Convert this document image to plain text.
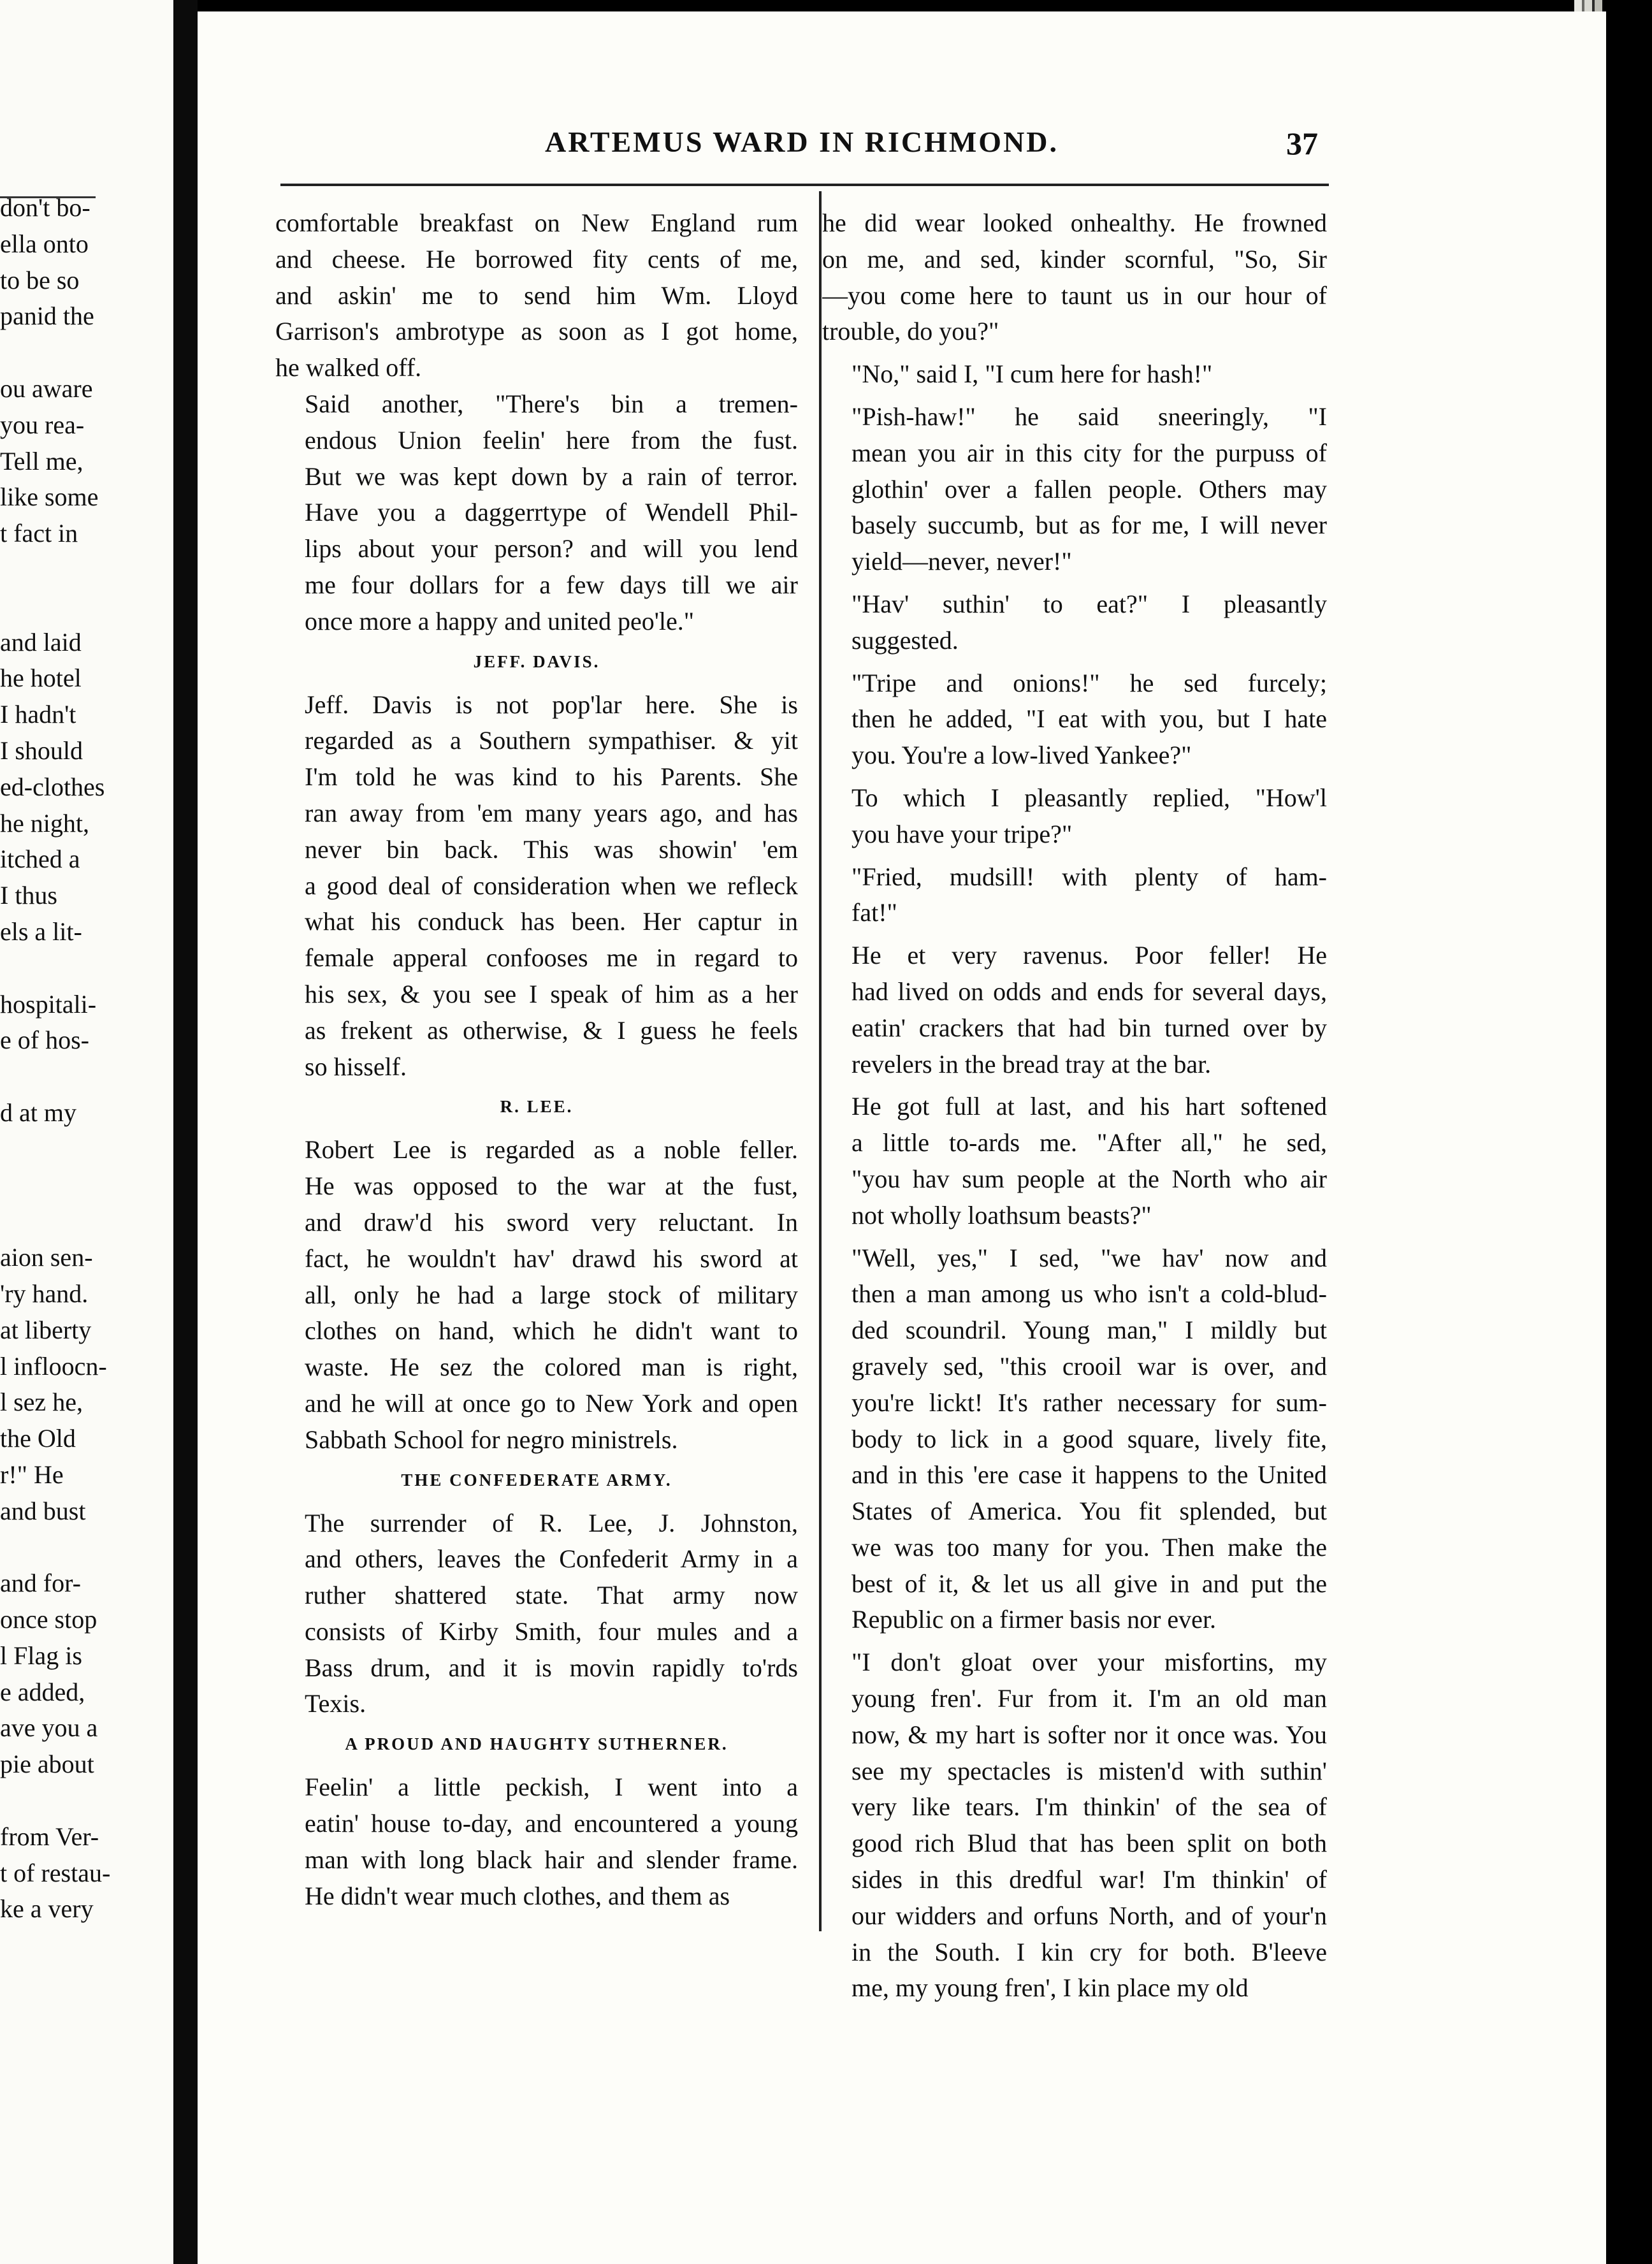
don't bo-
ella onto
to be so
panid the
ou aware
you rea-
Tell me,
like some
t fact in
and laid
he hotel
I hadn't
I should
ed-clothes
he night,
itched a
I thus
els a lit-
hospitali-
e of hos-
d at my
aion sen-
'ry hand.
at liberty
l infloocn-
l sez he,
the Old
r!" He
and bust
and for-
once stop
l Flag is
e added,
ave you a
pie about
from Ver-
t of restau-
ke a very
ARTEMUS WARD IN RICHMOND.	37

comfortable breakfast on New England rum
and cheese. He borrowed fity cents of me,
and askin' me to send him Wm. Lloyd
Garrison's ambrotype as soon as I got home,
he walked off.

Said another, "There's bin a tremen-
endous Union feelin' here from the fust.
But we was kept down by a rain of terror.
Have you a daggerrtype of Wendell Phil-
lips about your person? and will you lend
me four dollars for a few days till we air
once more a happy and united peo'le."

JEFF. DAVIS.

Jeff. Davis is not pop'lar here. She is
regarded as a Southern sympathiser. & yit
I'm told he was kind to his Parents. She
ran away from 'em many years ago, and has
never bin back. This was showin' 'em
a good deal of consideration when we refleck
what his conduck has been. Her captur in
female apperal confooses me in regard to
his sex, & you see I speak of him as a her
as frekent as otherwise, & I guess he feels
so hisself.

R. LEE.

Robert Lee is regarded as a noble feller.
He was opposed to the war at the fust,
and draw'd his sword very reluctant. In
fact, he wouldn't hav' drawd his sword at
all, only he had a large stock of military
clothes on hand, which he didn't want to
waste. He sez the colored man is right,
and he will at once go to New York and open
Sabbath School for negro ministrels.

THE CONFEDERATE ARMY.

The surrender of R. Lee, J. Johnston,
and others, leaves the Confederit Army in a
ruther shattered state. That army now
consists of Kirby Smith, four mules and a
Bass drum, and it is movin rapidly to'rds
Texis.

A PROUD AND HAUGHTY SUTHERNER.

Feelin' a little peckish, I went into a
eatin' house to-day, and encountered a young
man with long black hair and slender frame.
He didn't wear much clothes, and them as

he did wear looked onhealthy. He frowned
on me, and sed, kinder scornful, "So, Sir
—you come here to taunt us in our hour of
trouble, do you?"

"No," said I, "I cum here for hash!"

"Pish-haw!" he said sneeringly, "I
mean you air in this city for the purpuss of
glothin' over a fallen people. Others may
basely succumb, but as for me, I will never
yield—never, never!"

"Hav' suthin' to eat?" I pleasantly
suggested.

"Tripe and onions!" he sed furcely;
then he added, "I eat with you, but I hate
you. You're a low-lived Yankee?"

To which I pleasantly replied, "How'l
you have your tripe?"

"Fried, mudsill! with plenty of ham-
fat!"

He et very ravenus. Poor feller! He
had lived on odds and ends for several days,
eatin' crackers that had bin turned over by
revelers in the bread tray at the bar.

He got full at last, and his hart softened
a little to-ards me. "After all," he sed,
"you hav sum people at the North who air
not wholly loathsum beasts?"

"Well, yes," I sed, "we hav' now and
then a man among us who isn't a cold-blud-
ded scoundril. Young man," I mildly but
gravely sed, "this crooil war is over, and
you're lickt! It's rather necessary for sum-
body to lick in a good square, lively fite,
and in this 'ere case it happens to the United
States of America. You fit splended, but
we was too many for you. Then make the
best of it, & let us all give in and put the
Republic on a firmer basis nor ever.

"I don't gloat over your misfortins, my
young fren'. Fur from it. I'm an old man
now, & my hart is softer nor it once was. You
see my spectacles is misten'd with suthin'
very like tears. I'm thinkin' of the sea of
good rich Blud that has been split on both
sides in this dredful war! I'm thinkin' of
our widders and orfuns North, and of your'n
in the South. I kin cry for both. B'leeve
me, my young fren', I kin place my old
